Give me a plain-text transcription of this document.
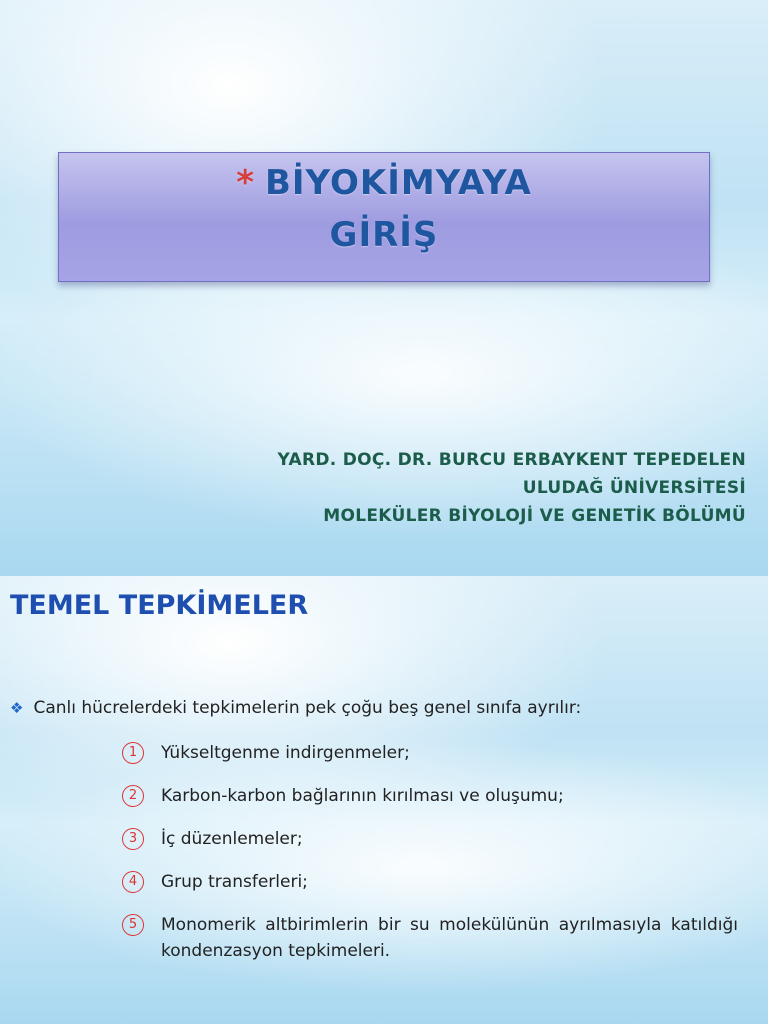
* BİYOKİMYAYA
GİRİŞ
YARD. DOÇ. DR. BURCU ERBAYKENT TEPEDELEN
ULUDAĞ ÜNİVERSİTESİ
MOLEKÜLER BİYOLOJİ VE GENETİK BÖLÜMÜ
TEMEL TEPKİMELER
❖ Canlı hücrelerdeki tepkimelerin pek çoğu beş genel sınıfa ayrılır:
1	Yükseltgenme indirgenmeler;
2	Karbon-karbon bağlarının kırılması ve oluşumu;
3	İç düzenlemeler;
4	Grup transferleri;
5	Monomerik altbirimlerin bir su molekülünün ayrılmasıyla katıldığı kondenzasyon tepkimeleri.
